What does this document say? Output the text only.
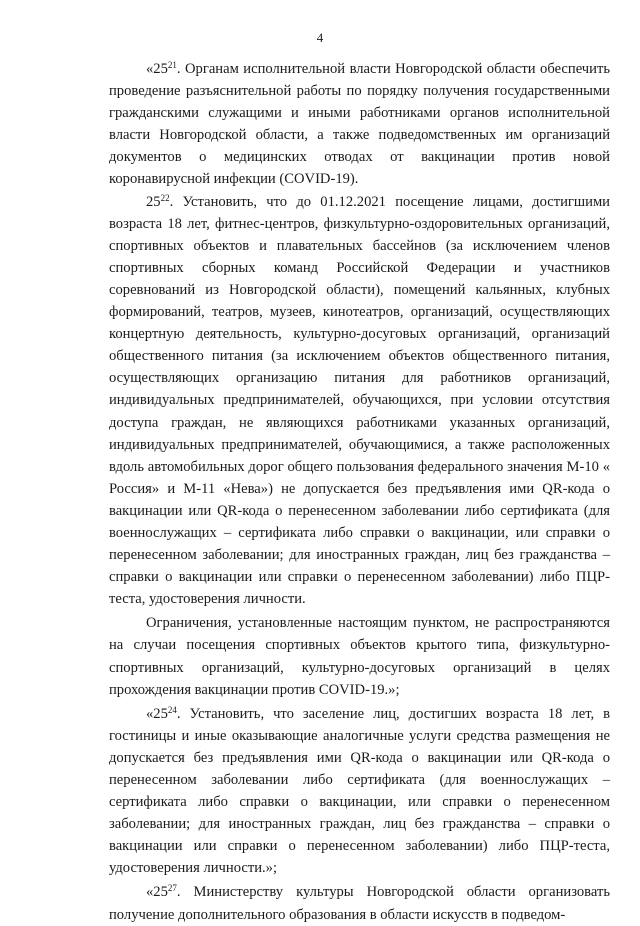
4

«$25^{21}$. Органам исполнительной власти Новгородской области обеспечить проведение разъяснительной работы по порядку получения государственными гражданскими служащими и иными работниками органов исполнительной власти Новгородской области, а также подведомственных им организаций документов о медицинских отводах от вакцинации против новой коронавирусной инфекции (COVID-19).

$25^{22}$. Установить, что до 01.12.2021 посещение лицами, достигшими возраста 18 лет, фитнес-центров, физкультурно-оздоровительных организаций, спортивных объектов и плавательных бассейнов (за исключением членов спортивных сборных команд Российской Федерации и участников соревнований из Новгородской области), помещений кальянных, клубных формирований, театров, музеев, кинотеатров, организаций, осуществляющих концертную деятельность, культурно-досуговых организаций, организаций общественного питания (за исключением объектов общественного питания, осуществляющих организацию питания для работников организаций, индивидуальных предпринимателей, обучающихся, при условии отсутствия доступа граждан, не являющихся работниками указанных организаций, индивидуальных предпринимателей, обучающимися, а также расположенных вдоль автомобильных дорог общего пользования федерального значения М-10 « Россия» и М-11 «Нева») не допускается без предъявления ими QR-кода о вакцинации или QR-кода о перенесенном заболевании либо сертификата (для военнослужащих – сертификата либо справки о вакцинации, или справки о перенесенном заболевании; для иностранных граждан, лиц без гражданства – справки о вакцинации или справки о перенесенном заболевании) либо ПЦР-теста, удостоверения личности.

Ограничения, установленные настоящим пунктом, не распространяются на случаи посещения спортивных объектов крытого типа, физкультурно-спортивных организаций, культурно-досуговых организаций в целях прохождения вакцинации против COVID-19.»;

«$25^{24}$. Установить, что заселение лиц, достигших возраста 18 лет, в гостиницы и иные оказывающие аналогичные услуги средства размещения не допускается без предъявления ими QR-кода о вакцинации или QR-кода о перенесенном заболевании либо сертификата (для военнослужащих – сертификата либо справки о вакцинации, или справки о перенесенном заболевании; для иностранных граждан, лиц без гражданства – справки о вакцинации или справки о перенесенном заболевании) либо ПЦР-теста, удостоверения личности.»;

«$25^{27}$. Министерству культуры Новгородской области организовать получение дополнительного образования в области искусств в подведом-
